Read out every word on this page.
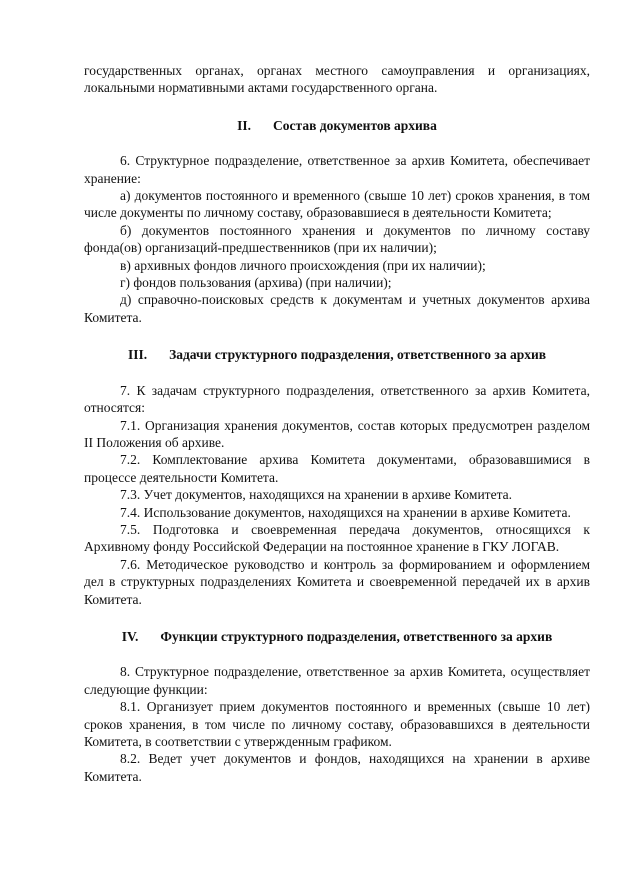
государственных органах, органах местного самоуправления и организациях, локальными нормативными актами государственного органа.

II. Состав документов архива

6. Структурное подразделение, ответственное за архив Комитета, обеспечивает хранение:

а) документов постоянного и временного (свыше 10 лет) сроков хранения, в том числе документы по личному составу, образовавшиеся в деятельности Комитета;

б) документов постоянного хранения и документов по личному составу фонда(ов) организаций-предшественников (при их наличии);

в) архивных фондов личного происхождения (при их наличии);

г) фондов пользования (архива) (при наличии);

д) справочно-поисковых средств к документам и учетных документов архива Комитета.

III. Задачи структурного подразделения, ответственного за архив

7. К задачам структурного подразделения, ответственного за архив Комитета, относятся:

7.1. Организация хранения документов, состав которых предусмотрен разделом II Положения об архиве.

7.2. Комплектование архива Комитета документами, образовавшимися в процессе деятельности Комитета.

7.3. Учет документов, находящихся на хранении в архиве Комитета.

7.4. Использование документов, находящихся на хранении в архиве Комитета.

7.5. Подготовка и своевременная передача документов, относящихся к Архивному фонду Российской Федерации на постоянное хранение в ГКУ ЛОГАВ.

7.6. Методическое руководство и контроль за формированием и оформлением дел в структурных подразделениях Комитета и своевременной передачей их в архив Комитета.

IV. Функции структурного подразделения, ответственного за архив

8. Структурное подразделение, ответственное за архив Комитета, осуществляет следующие функции:

8.1. Организует прием документов постоянного и временных (свыше 10 лет) сроков хранения, в том числе по личному составу, образовавшихся в деятельности Комитета, в соответствии с утвержденным графиком.

8.2. Ведет учет документов и фондов, находящихся на хранении в архиве Комитета.
